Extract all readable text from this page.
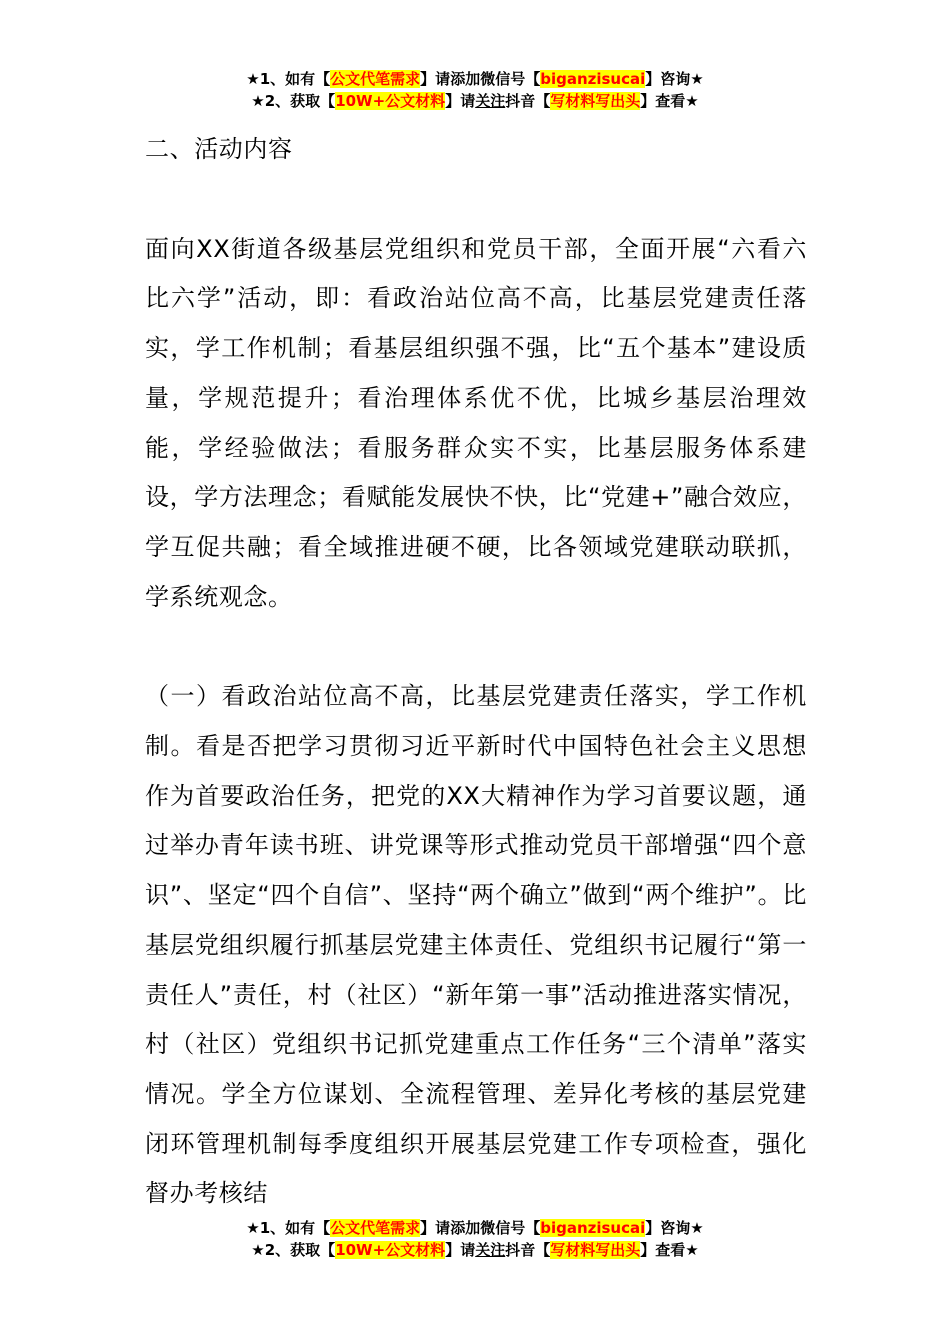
★1、如有【公文代笔需求】请添加微信号【biganzisucai】咨询★
★2、获取【10W+公文材料】请关注抖音【写材料写出头】查看★

二、活动内容

面向XX街道各级基层党组织和党员干部，全面开展“六看六比六学”活动，即：看政治站位高不高，比基层党建责任落实，学工作机制；看基层组织强不强，比“五个基本”建设质量，学规范提升；看治理体系优不优，比城乡基层治理效能，学经验做法；看服务群众实不实，比基层服务体系建设，学方法理念；看赋能发展快不快，比“党建+”融合效应，学互促共融；看全域推进硬不硬，比各领域党建联动联抓，学系统观念。

（一）看政治站位高不高，比基层党建责任落实，学工作机制。看是否把学习贯彻习近平新时代中国特色社会主义思想作为首要政治任务，把党的XX大精神作为学习首要议题，通过举办青年读书班、讲党课等形式推动党员干部增强“四个意识”、坚定“四个自信”、坚持“两个确立”做到“两个维护”。比基层党组织履行抓基层党建主体责任、党组织书记履行“第一责任人”责任，村（社区）“新年第一事”活动推进落实情况，村（社区）党组织书记抓党建重点工作任务“三个清单”落实情况。学全方位谋划、全流程管理、差异化考核的基层党建闭环管理机制每季度组织开展基层党建工作专项检查，强化督办考核结

★1、如有【公文代笔需求】请添加微信号【biganzisucai】咨询★
★2、获取【10W+公文材料】请关注抖音【写材料写出头】查看★
